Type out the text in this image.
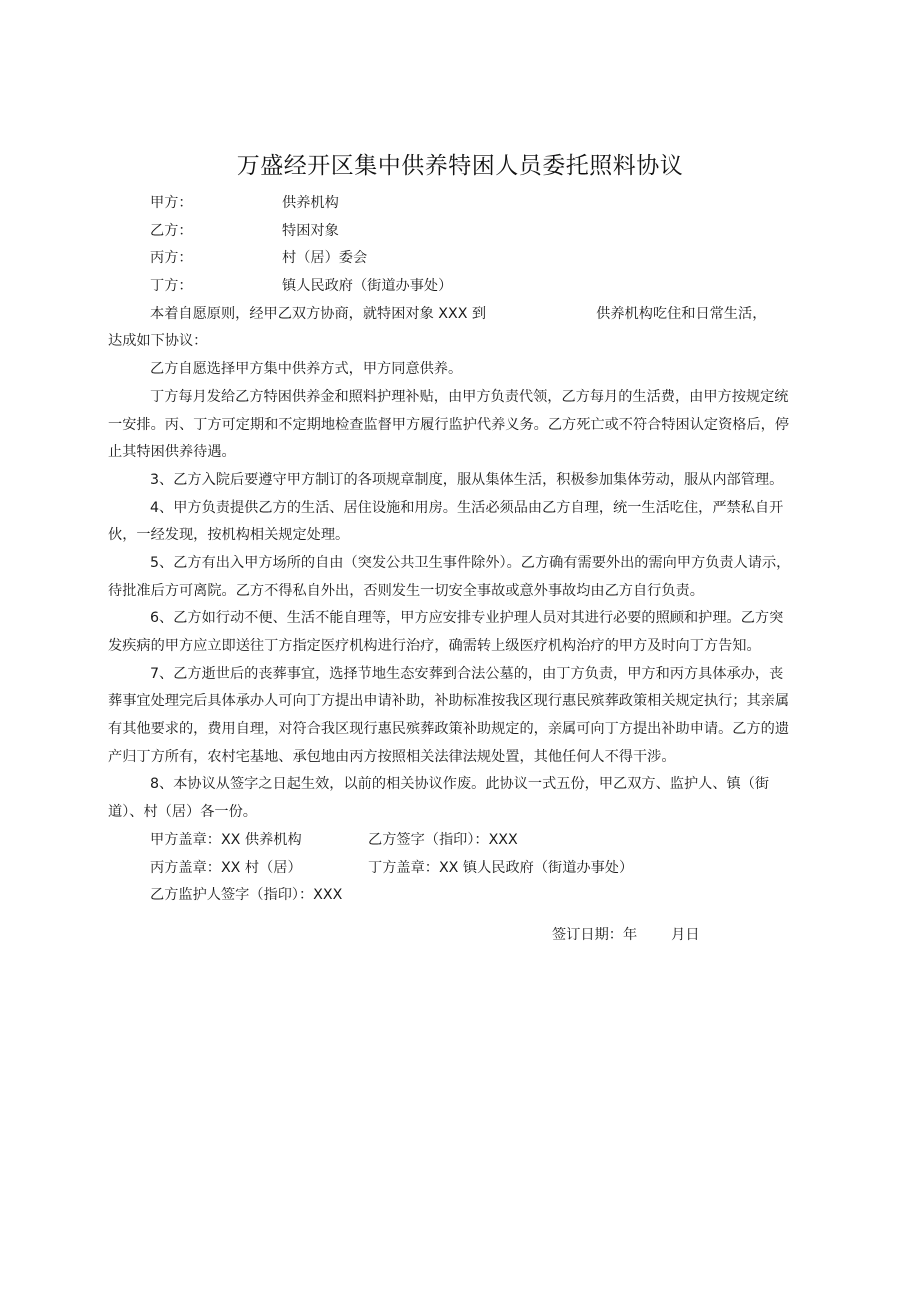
万盛经开区集中供养特困人员委托照料协议
甲方：	供养机构
乙方：	特困对象
丙方：	村（居）委会
丁方：	镇人民政府（街道办事处）
本着自愿原则，经甲乙双方协商，就特困对象 XXX 到	供养机构吃住和日常生活，
达成如下协议：
乙方自愿选择甲方集中供养方式，甲方同意供养。
丁方每月发给乙方特困供养金和照料护理补贴，由甲方负责代领，乙方每月的生活费，由甲方按规定统
一安排。丙、丁方可定期和不定期地检查监督甲方履行监护代养义务。乙方死亡或不符合特困认定资格后，停
止其特困供养待遇。
3、乙方入院后要遵守甲方制订的各项规章制度，服从集体生活，积极参加集体劳动，服从内部管理。
4、甲方负责提供乙方的生活、居住设施和用房。生活必须品由乙方自理，统一生活吃住，严禁私自开
伙，一经发现，按机构相关规定处理。
5、乙方有出入甲方场所的自由（突发公共卫生事件除外）。乙方确有需要外出的需向甲方负责人请示，
待批准后方可离院。乙方不得私自外出，否则发生一切安全事故或意外事故均由乙方自行负责。
6、乙方如行动不便、生活不能自理等，甲方应安排专业护理人员对其进行必要的照顾和护理。乙方突
发疾病的甲方应立即送往丁方指定医疗机构进行治疗，确需转上级医疗机构治疗的甲方及时向丁方告知。
7、乙方逝世后的丧葬事宜，选择节地生态安葬到合法公墓的，由丁方负责，甲方和丙方具体承办，丧
葬事宜处理完后具体承办人可向丁方提出申请补助，补助标准按我区现行惠民殡葬政策相关规定执行；其亲属
有其他要求的，费用自理，对符合我区现行惠民殡葬政策补助规定的，亲属可向丁方提出补助申请。乙方的遗
产归丁方所有，农村宅基地、承包地由丙方按照相关法律法规处置，其他任何人不得干涉。
8、本协议从签字之日起生效，以前的相关协议作废。此协议一式五份，甲乙双方、监护人、镇（街
道）、村（居）各一份。
甲方盖章：XX 供养机构	乙方签字（指印）：XXX
丙方盖章：XX 村（居）	丁方盖章：XX 镇人民政府（街道办事处）
乙方监护人签字（指印）：XXX
签订日期：年 月日
